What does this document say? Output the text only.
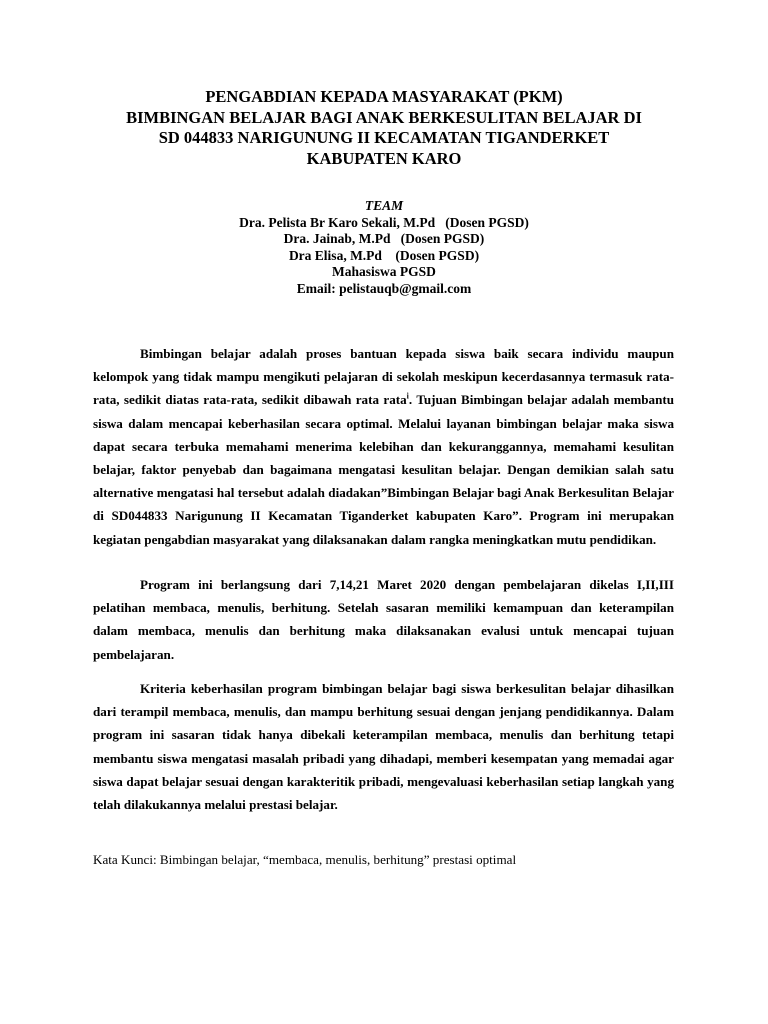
PENGABDIAN KEPADA MASYARAKAT (PKM)
BIMBINGAN BELAJAR BAGI ANAK BERKESULITAN BELAJAR DI
SD 044833 NARIGUNUNG II KECAMATAN TIGANDERKET
KABUPATEN KARO
TEAM
Dra. Pelista Br Karo Sekali, M.Pd   (Dosen PGSD)
Dra. Jainab, M.Pd   (Dosen PGSD)
Dra Elisa, M.Pd    (Dosen PGSD)
Mahasiswa PGSD
Email: pelistauqb@gmail.com

Bimbingan belajar adalah proses bantuan kepada siswa baik secara individu maupun kelompok yang tidak mampu mengikuti pelajaran di sekolah meskipun kecerdasannya termasuk rata-rata, sedikit diatas rata-rata, sedikit dibawah rata rata$^i$. Tujuan Bimbingan belajar adalah membantu siswa dalam mencapai keberhasilan secara optimal. Melalui layanan bimbingan belajar maka siswa dapat secara terbuka memahami menerima kelebihan dan kekuranggannya, memahami kesulitan belajar, faktor penyebab dan bagaimana mengatasi kesulitan belajar. Dengan demikian salah satu alternative mengatasi hal tersebut adalah diadakan”Bimbingan Belajar bagi Anak Berkesulitan Belajar di SD044833 Narigunung II Kecamatan Tiganderket kabupaten Karo”. Program ini merupakan kegiatan pengabdian masyarakat yang dilaksanakan dalam rangka meningkatkan mutu pendidikan.

Program ini berlangsung dari 7,14,21 Maret 2020 dengan pembelajaran dikelas I,II,III pelatihan membaca, menulis, berhitung. Setelah sasaran memiliki kemampuan dan keterampilan dalam membaca, menulis dan berhitung maka dilaksanakan evalusi untuk mencapai tujuan pembelajaran.

Kriteria keberhasilan program bimbingan belajar bagi siswa berkesulitan belajar dihasilkan dari terampil membaca, menulis, dan mampu berhitung sesuai dengan jenjang pendidikannya. Dalam program ini sasaran tidak hanya dibekali keterampilan membaca, menulis dan berhitung tetapi membantu siswa mengatasi masalah pribadi yang dihadapi, memberi kesempatan yang memadai agar siswa dapat belajar sesuai dengan karakteritik pribadi, mengevaluasi keberhasilan setiap langkah yang telah dilakukannya melalui prestasi belajar.

Kata Kunci: Bimbingan belajar, “membaca, menulis, berhitung” prestasi optimal
